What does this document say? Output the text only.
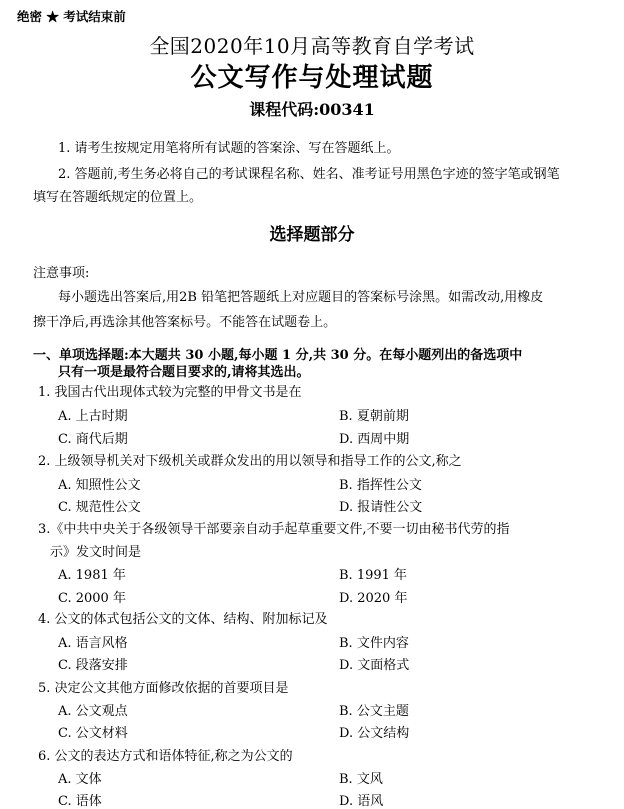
绝密 ★ 考试结束前
全国2020年10月高等教育自学考试
公文写作与处理试题
课程代码:00341
1. 请考生按规定用笔将所有试题的答案涂、写在答题纸上。
2. 答题前,考生务必将自己的考试课程名称、姓名、准考证号用黑色字迹的签字笔或钢笔
填写在答题纸规定的位置上。
选择题部分
注意事项:
每小题选出答案后,用2B 铅笔把答题纸上对应题目的答案标号涂黑。如需改动,用橡皮
擦干净后,再选涂其他答案标号。不能答在试题卷上。
一、单项选择题:本大题共 30 小题,每小题 1 分,共 30 分。在每小题列出的备选项中
只有一项是最符合题目要求的,请将其选出。
1. 我国古代出现体式较为完整的甲骨文书是在
A. 上古时期	B. 夏朝前期
C. 商代后期	D. 西周中期
2. 上级领导机关对下级机关或群众发出的用以领导和指导工作的公文,称之
A. 知照性公文	B. 指挥性公文
C. 规范性公文	D. 报请性公文
3.《中共中央关于各级领导干部要亲自动手起草重要文件,不要一切由秘书代劳的指
示》发文时间是
A. 1981 年	B. 1991 年
C. 2000 年	D. 2020 年
4. 公文的体式包括公文的文体、结构、附加标记及
A. 语言风格	B. 文件内容
C. 段落安排	D. 文面格式
5. 决定公文其他方面修改依据的首要项目是
A. 公文观点	B. 公文主题
C. 公文材料	D. 公文结构
6. 公文的表达方式和语体特征,称之为公文的
A. 文体	B. 文风
C. 语体	D. 语风
